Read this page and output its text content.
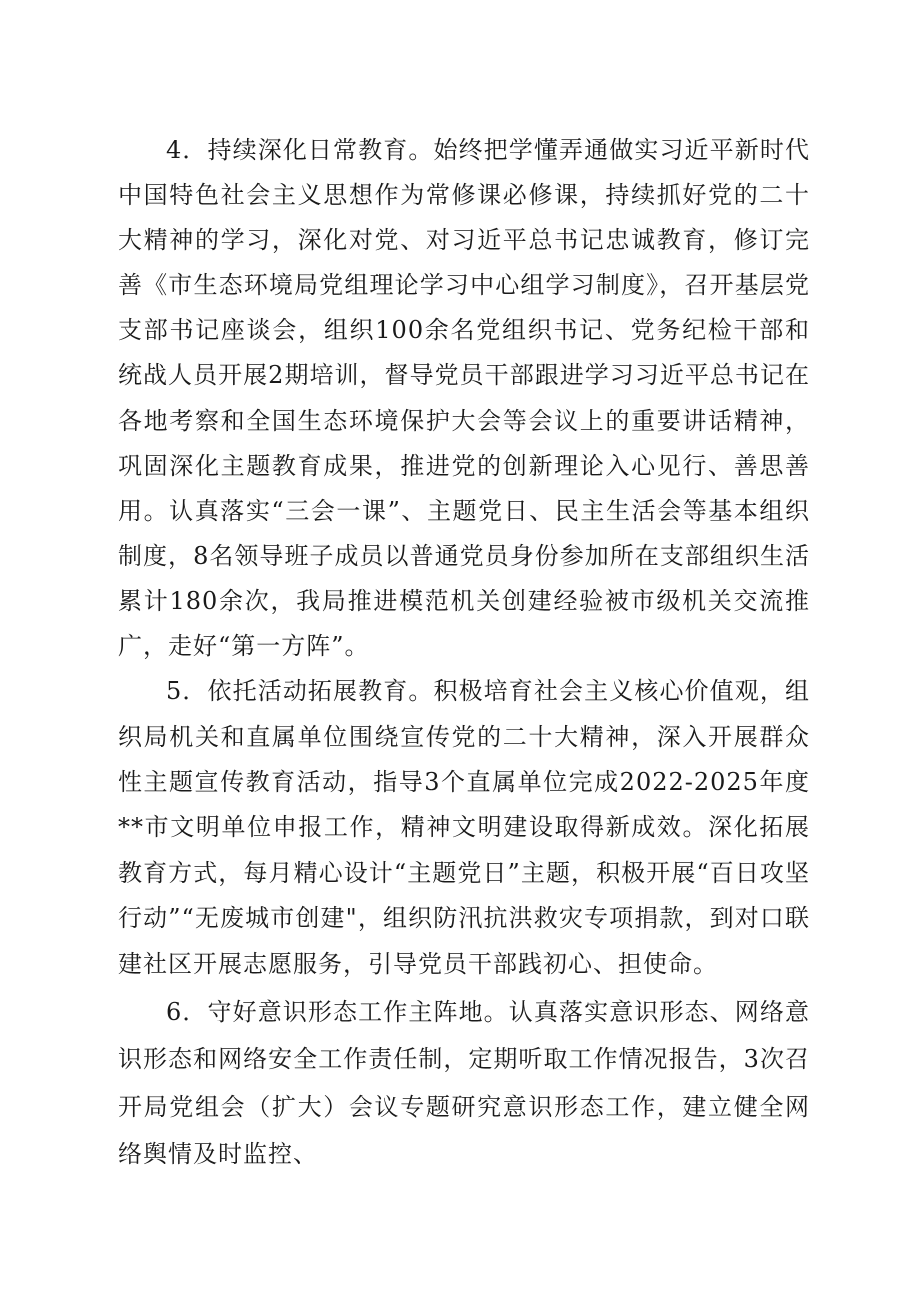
4．持续深化日常教育。始终把学懂弄通做实习近平新时代中国特色社会主义思想作为常修课必修课，持续抓好党的二十大精神的学习，深化对党、对习近平总书记忠诚教育，修订完善《市生态环境局党组理论学习中心组学习制度》，召开基层党支部书记座谈会，组织100余名党组织书记、党务纪检干部和统战人员开展2期培训，督导党员干部跟进学习习近平总书记在各地考察和全国生态环境保护大会等会议上的重要讲话精神，巩固深化主题教育成果，推进党的创新理论入心见行、善思善用。认真落实“三会一课”、主题党日、民主生活会等基本组织制度，8名领导班子成员以普通党员身份参加所在支部组织生活累计180余次，我局推进模范机关创建经验被市级机关交流推广，走好“第一方阵”。

5．依托活动拓展教育。积极培育社会主义核心价值观，组织局机关和直属单位围绕宣传党的二十大精神，深入开展群众性主题宣传教育活动，指导3个直属单位完成2022-2025年度**市文明单位申报工作，精神文明建设取得新成效。深化拓展教育方式，每月精心设计“主题党日”主题，积极开展“百日攻坚行动”“无废城市创建"，组织防汛抗洪救灾专项捐款，到对口联建社区开展志愿服务，引导党员干部践初心、担使命。

6．守好意识形态工作主阵地。认真落实意识形态、网络意识形态和网络安全工作责任制，定期听取工作情况报告，3次召开局党组会（扩大）会议专题研究意识形态工作，建立健全网络舆情及时监控、
